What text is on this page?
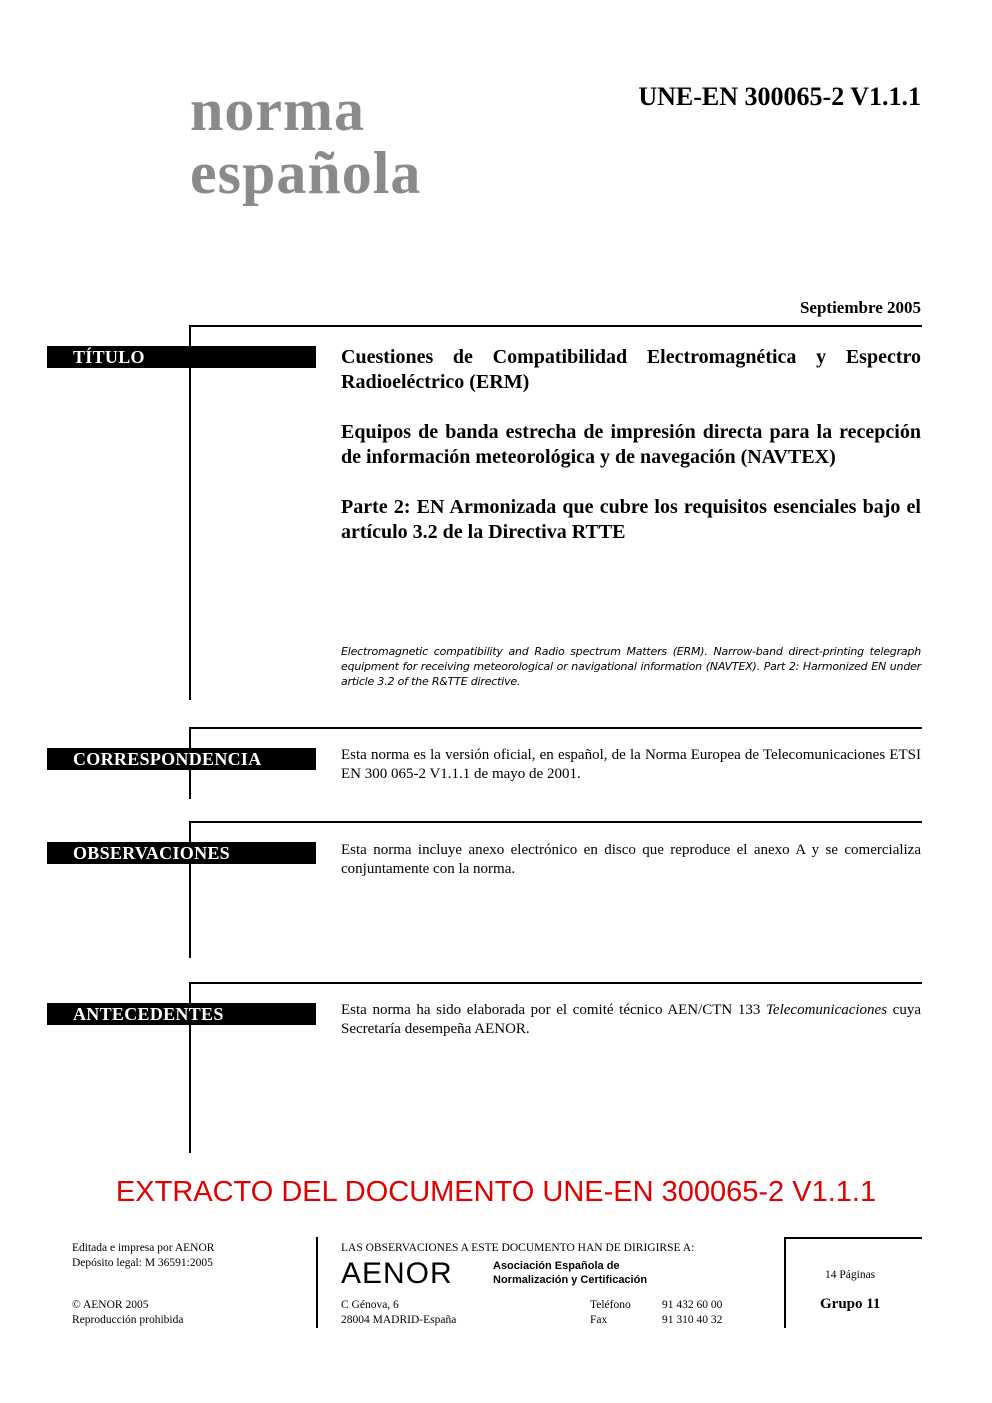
norma
española
UNE-EN 300065-2 V1.1.1
Septiembre 2005
TÍTULO	Cuestiones de Compatibilidad Electromagnética y Espectro Radioeléctrico (ERM)

Equipos de banda estrecha de impresión directa para la recepción de información meteorológica y de navegación (NAVTEX)

Parte 2: EN Armonizada que cubre los requisitos esenciales bajo el artículo 3.2 de la Directiva RTTE

Electromagnetic compatibility and Radio spectrum Matters (ERM). Narrow-band direct-printing telegraph equipment for receiving meteorological or navigational information (NAVTEX). Part 2: Harmonized EN under article 3.2 of the R&TTE directive.
CORRESPONDENCIA	Esta norma es la versión oficial, en español, de la Norma Europea de Telecomunicaciones ETSI EN 300 065-2 V1.1.1 de mayo de 2001.
OBSERVACIONES	Esta norma incluye anexo electrónico en disco que reproduce el anexo A y se comercializa conjuntamente con la norma.
ANTECEDENTES	Esta norma ha sido elaborada por el comité técnico AEN/CTN 133 Telecomunicaciones cuya Secretaría desempeña AENOR.
EXTRACTO DEL DOCUMENTO UNE-EN 300065-2 V1.1.1
Editada e impresa por AENOR
Depósito legal: M 36591:2005
© AENOR 2005
Reproducción prohibida
LAS OBSERVACIONES A ESTE DOCUMENTO HAN DE DIRIGIRSE A:
AENOR	Asociación Española de
Normalización y Certificación
C Génova, 6
28004 MADRID-España
Teléfono	91 432 60 00
Fax	91 310 40 32
14 Páginas
Grupo 11
